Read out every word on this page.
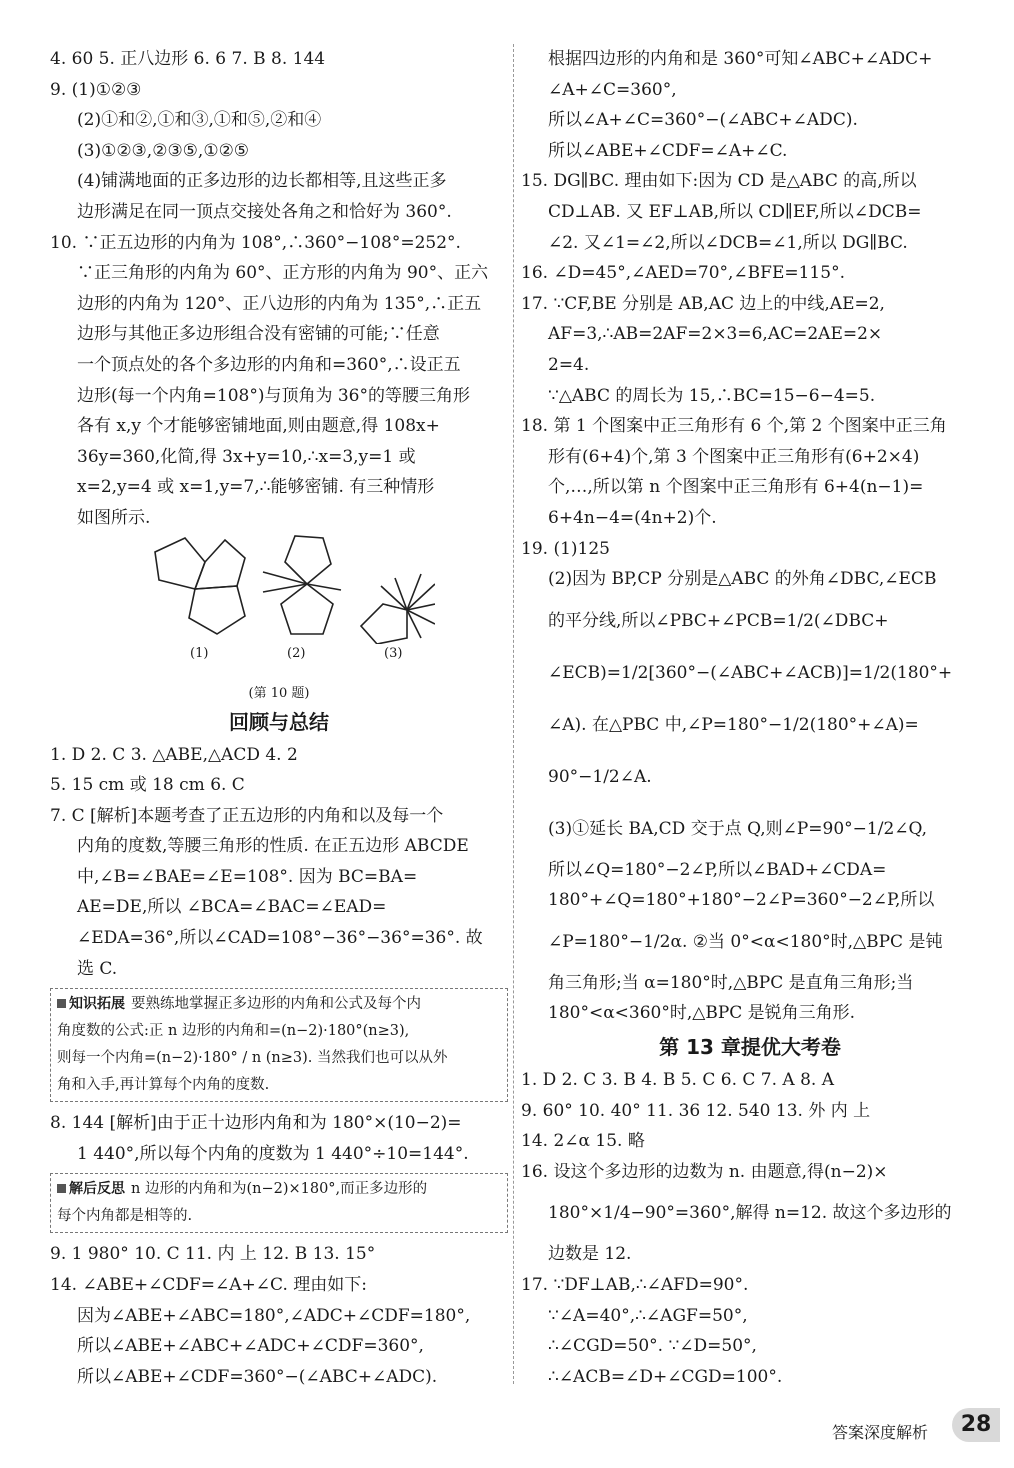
4. 60 5. 正八边形 6. 6 7. B 8. 144
9. (1)①②③
(2)①和②,①和③,①和⑤,②和④
(3)①②③,②③⑤,①②⑤
(4)铺满地面的正多边形的边长都相等,且这些正多
边形满足在同一顶点交接处各角之和恰好为 360°.
10. ∵正五边形的内角为 108°,∴360°−108°=252°.
∵正三角形的内角为 60°、正方形的内角为 90°、正六
边形的内角为 120°、正八边形的内角为 135°,∴正五
边形与其他正多边形组合没有密铺的可能;∵任意
一个顶点处的各个多边形的内角和=360°,∴设正五
边形(每一个内角=108°)与顶角为 36°的等腰三角形
各有 x,y 个才能够密铺地面,则由题意,得 108x+
36y=360,化简,得 3x+y=10,∴x=3,y=1 或
x=2,y=4 或 x=1,y=7,∴能够密铺. 有三种情形
如图所示.
(1)	(2)	(3)
(第 10 题)
回顾与总结
1. D 2. C 3. △ABE,△ACD 4. 2
5. 15 cm 或 18 cm 6. C
7. C [解析]本题考查了正五边形的内角和以及每一个
内角的度数,等腰三角形的性质. 在正五边形 ABCDE
中,∠B=∠BAE=∠E=108°. 因为 BC=BA=
AE=DE,所以 ∠BCA=∠BAC=∠EAD=
∠EDA=36°,所以∠CAD=108°−36°−36°=36°. 故
选 C.
知识拓展 要熟练地掌握正多边形的内角和公式及每个内
角度数的公式:正 n 边形的内角和=(n−2)·180°(n≥3),
则每一个内角=(n−2)·180° / n (n≥3). 当然我们也可以从外
角和入手,再计算每个内角的度数.
8. 144 [解析]由于正十边形内角和为 180°×(10−2)=
1 440°,所以每个内角的度数为 1 440°÷10=144°.
解后反思 n 边形的内角和为(n−2)×180°,而正多边形的
每个内角都是相等的.
9. 1 980° 10. C 11. 内 上 12. B 13. 15°
14. ∠ABE+∠CDF=∠A+∠C. 理由如下:
因为∠ABE+∠ABC=180°,∠ADC+∠CDF=180°,
所以∠ABE+∠ABC+∠ADC+∠CDF=360°,
所以∠ABE+∠CDF=360°−(∠ABC+∠ADC).
根据四边形的内角和是 360°可知∠ABC+∠ADC+
∠A+∠C=360°,
所以∠A+∠C=360°−(∠ABC+∠ADC).
所以∠ABE+∠CDF=∠A+∠C.
15. DG∥BC. 理由如下:因为 CD 是△ABC 的高,所以
CD⊥AB. 又 EF⊥AB,所以 CD∥EF,所以∠DCB=
∠2. 又∠1=∠2,所以∠DCB=∠1,所以 DG∥BC.
16. ∠D=45°,∠AED=70°,∠BFE=115°.
17. ∵CF,BE 分别是 AB,AC 边上的中线,AE=2,
AF=3,∴AB=2AF=2×3=6,AC=2AE=2×
2=4.
∵△ABC 的周长为 15,∴BC=15−6−4=5.
18. 第 1 个图案中正三角形有 6 个,第 2 个图案中正三角
形有(6+4)个,第 3 个图案中正三角形有(6+2×4)
个,…,所以第 n 个图案中正三角形有 6+4(n−1)=
6+4n−4=(4n+2)个.
19. (1)125
(2)因为 BP,CP 分别是△ABC 的外角∠DBC,∠ECB
的平分线,所以∠PBC+∠PCB=1/2(∠DBC+
∠ECB)=1/2[360°−(∠ABC+∠ACB)]=1/2(180°+
∠A). 在△PBC 中,∠P=180°−1/2(180°+∠A)=
90°−1/2∠A.
(3)①延长 BA,CD 交于点 Q,则∠P=90°−1/2∠Q,
所以∠Q=180°−2∠P,所以∠BAD+∠CDA=
180°+∠Q=180°+180°−2∠P=360°−2∠P,所以
∠P=180°−1/2α. ②当 0°<α<180°时,△BPC 是钝
角三角形;当 α=180°时,△BPC 是直角三角形;当
180°<α<360°时,△BPC 是锐角三角形.
第 13 章提优大考卷
1. D 2. C 3. B 4. B 5. C 6. C 7. A 8. A
9. 60° 10. 40° 11. 36 12. 540 13. 外 内 上
14. 2∠α 15. 略
16. 设这个多边形的边数为 n. 由题意,得(n−2)×
180°×1/4−90°=360°,解得 n=12. 故这个多边形的
边数是 12.
17. ∵DF⊥AB,∴∠AFD=90°.
∵∠A=40°,∴∠AGF=50°,
∴∠CGD=50°. ∵∠D=50°,
∴∠ACB=∠D+∠CGD=100°.
答案深度解析	28
